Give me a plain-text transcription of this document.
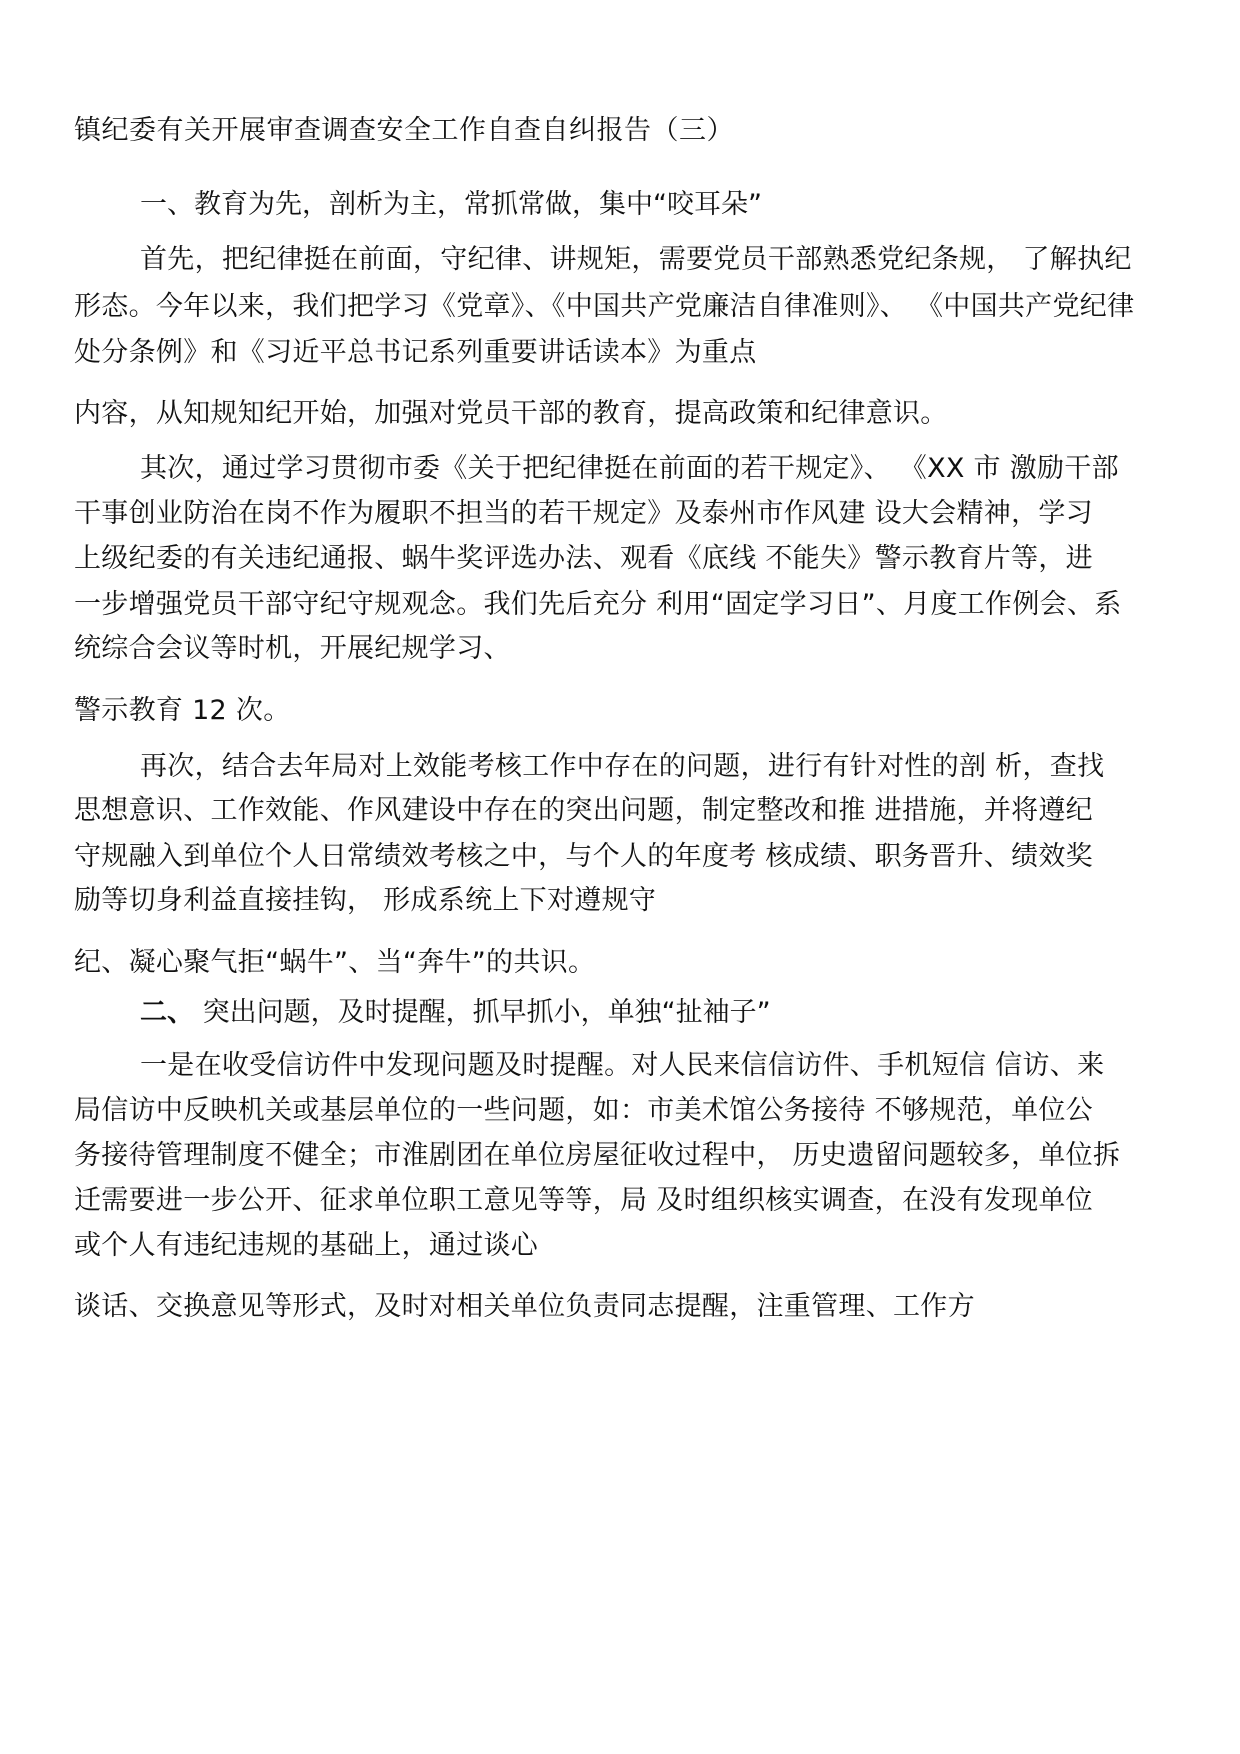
镇纪委有关开展审查调查安全工作自查自纠报告（三）
一、教育为先，剖析为主，常抓常做，集中“咬耳朵”
首先，把纪律挺在前面，守纪律、讲规矩，需要党员干部熟悉党纪条规， 了解执纪
形态。今年以来，我们把学习《党章》、《中国共产党廉洁自律准则》、 《中国共产党纪律
处分条例》和《习近平总书记系列重要讲话读本》为重点
内容，从知规知纪开始，加强对党员干部的教育，提高政策和纪律意识。
其次，通过学习贯彻市委《关于把纪律挺在前面的若干规定》、 《XX 市 激励干部
干事创业防治在岗不作为履职不担当的若干规定》及泰州市作风建 设大会精神，学习
上级纪委的有关违纪通报、蜗牛奖评选办法、观看《底线 不能失》警示教育片等，进
一步增强党员干部守纪守规观念。我们先后充分 利用“固定学习日”、月度工作例会、系
统综合会议等时机，开展纪规学习、
警示教育 12 次。
再次，结合去年局对上效能考核工作中存在的问题，进行有针对性的剖 析，查找
思想意识、工作效能、作风建设中存在的突出问题，制定整改和推 进措施，并将遵纪
守规融入到单位个人日常绩效考核之中，与个人的年度考 核成绩、职务晋升、绩效奖
励等切身利益直接挂钩， 形成系统上下对遵规守
纪、凝心聚气拒“蜗牛”、当“奔牛”的共识。
二、 突出问题，及时提醒，抓早抓小，单独“扯袖子”
一是在收受信访件中发现问题及时提醒。对人民来信信访件、手机短信 信访、来
局信访中反映机关或基层单位的一些问题，如：市美术馆公务接待 不够规范，单位公
务接待管理制度不健全；市淮剧团在单位房屋征收过程中， 历史遗留问题较多，单位拆
迁需要进一步公开、征求单位职工意见等等，局 及时组织核实调查，在没有发现单位
或个人有违纪违规的基础上，通过谈心
谈话、交换意见等形式，及时对相关单位负责同志提醒，注重管理、工作方
